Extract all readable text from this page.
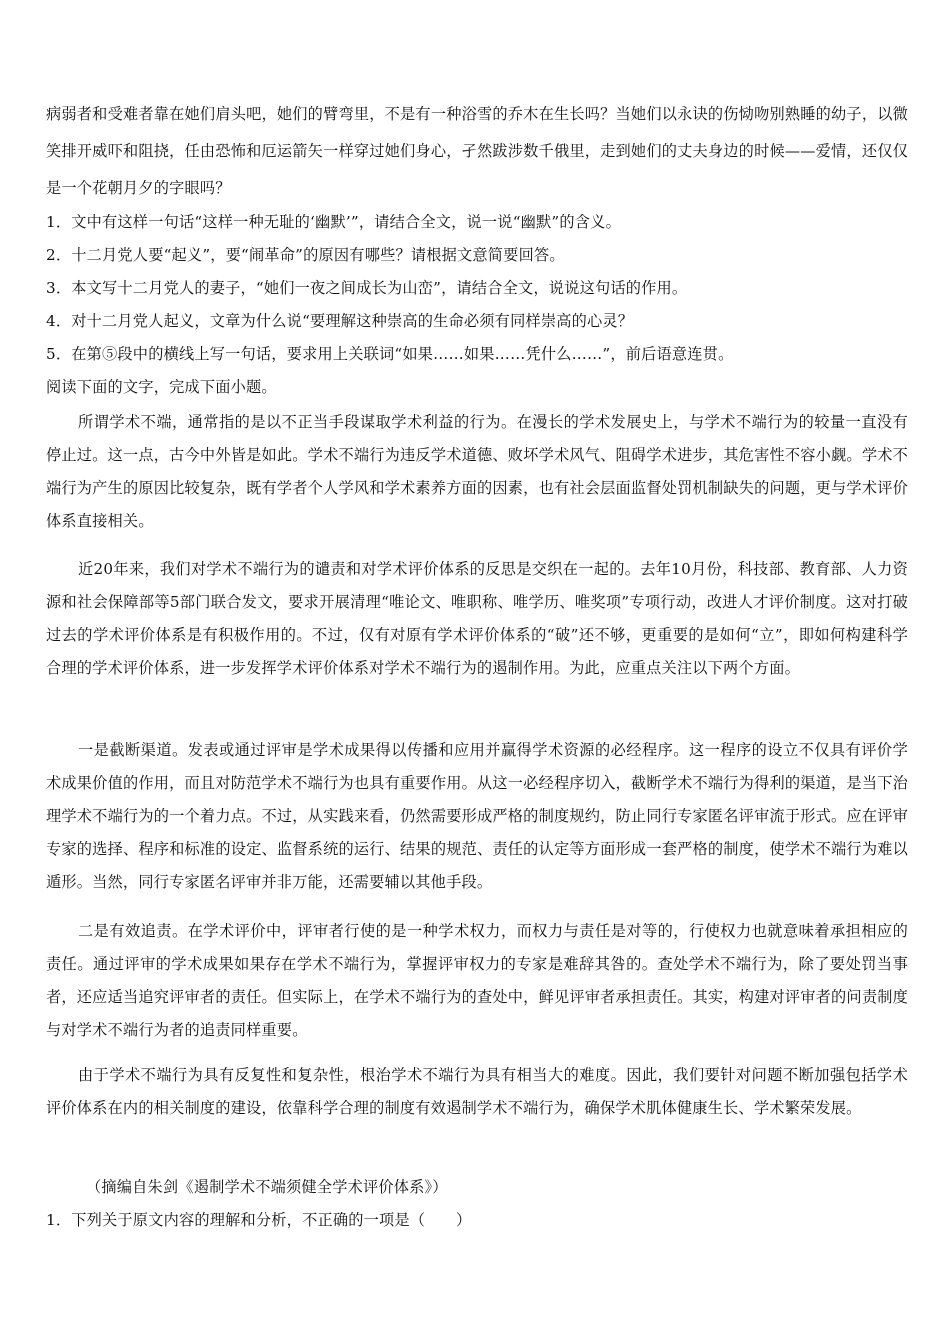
病弱者和受难者靠在她们肩头吧，她们的臂弯里，不是有一种浴雪的乔木在生长吗？当她们以永诀的伤恸吻别熟睡的幼子，以微笑排开威吓和阻挠，任由恐怖和厄运箭矢一样穿过她们身心，孑然跋涉数千俄里，走到她们的丈夫身边的时候——爱情，还仅仅是一个花朝月夕的字眼吗？

1．文中有这样一句话“这样一种无耻的‘幽默’”，请结合全文，说一说“幽默”的含义。
2．十二月党人要“起义”，要“闹革命”的原因有哪些？请根据文意简要回答。
3．本文写十二月党人的妻子，“她们一夜之间成长为山峦”，请结合全文，说说这句话的作用。
4．对十二月党人起义，文章为什么说“要理解这种崇高的生命必须有同样崇高的心灵？
5．在第⑤段中的横线上写一句话，要求用上关联词“如果……如果……凭什么……”，前后语意连贯。
阅读下面的文字，完成下面小题。

所谓学术不端，通常指的是以不正当手段谋取学术利益的行为。在漫长的学术发展史上，与学术不端行为的较量一直没有停止过。这一点，古今中外皆是如此。学术不端行为违反学术道德、败坏学术风气、阻碍学术进步，其危害性不容小觑。学术不端行为产生的原因比较复杂，既有学者个人学风和学术素养方面的因素，也有社会层面监督处罚机制缺失的问题，更与学术评价体系直接相关。

近20年来，我们对学术不端行为的谴责和对学术评价体系的反思是交织在一起的。去年10月份，科技部、教育部、人力资源和社会保障部等5部门联合发文，要求开展清理“唯论文、唯职称、唯学历、唯奖项”专项行动，改进人才评价制度。这对打破过去的学术评价体系是有积极作用的。不过，仅有对原有学术评价体系的“破”还不够，更重要的是如何“立”，即如何构建科学合理的学术评价体系，进一步发挥学术评价体系对学术不端行为的遏制作用。为此，应重点关注以下两个方面。

一是截断渠道。发表或通过评审是学术成果得以传播和应用并赢得学术资源的必经程序。这一程序的设立不仅具有评价学术成果价值的作用，而且对防范学术不端行为也具有重要作用。从这一必经程序切入，截断学术不端行为得利的渠道，是当下治理学术不端行为的一个着力点。不过，从实践来看，仍然需要形成严格的制度规约，防止同行专家匿名评审流于形式。应在评审专家的选择、程序和标准的设定、监督系统的运行、结果的规范、责任的认定等方面形成一套严格的制度，使学术不端行为难以遁形。当然，同行专家匿名评审并非万能，还需要辅以其他手段。

二是有效追责。在学术评价中，评审者行使的是一种学术权力，而权力与责任是对等的，行使权力也就意味着承担相应的责任。通过评审的学术成果如果存在学术不端行为，掌握评审权力的专家是难辞其咎的。查处学术不端行为，除了要处罚当事者，还应适当追究评审者的责任。但实际上，在学术不端行为的查处中，鲜见评审者承担责任。其实，构建对评审者的问责制度与对学术不端行为者的追责同样重要。

由于学术不端行为具有反复性和复杂性，根治学术不端行为具有相当大的难度。因此，我们要针对问题不断加强包括学术评价体系在内的相关制度的建设，依靠科学合理的制度有效遏制学术不端行为，确保学术肌体健康生长、学术繁荣发展。

（摘编自朱剑《遏制学术不端须健全学术评价体系》）
1．下列关于原文内容的理解和分析，不正确的一项是（　　）
